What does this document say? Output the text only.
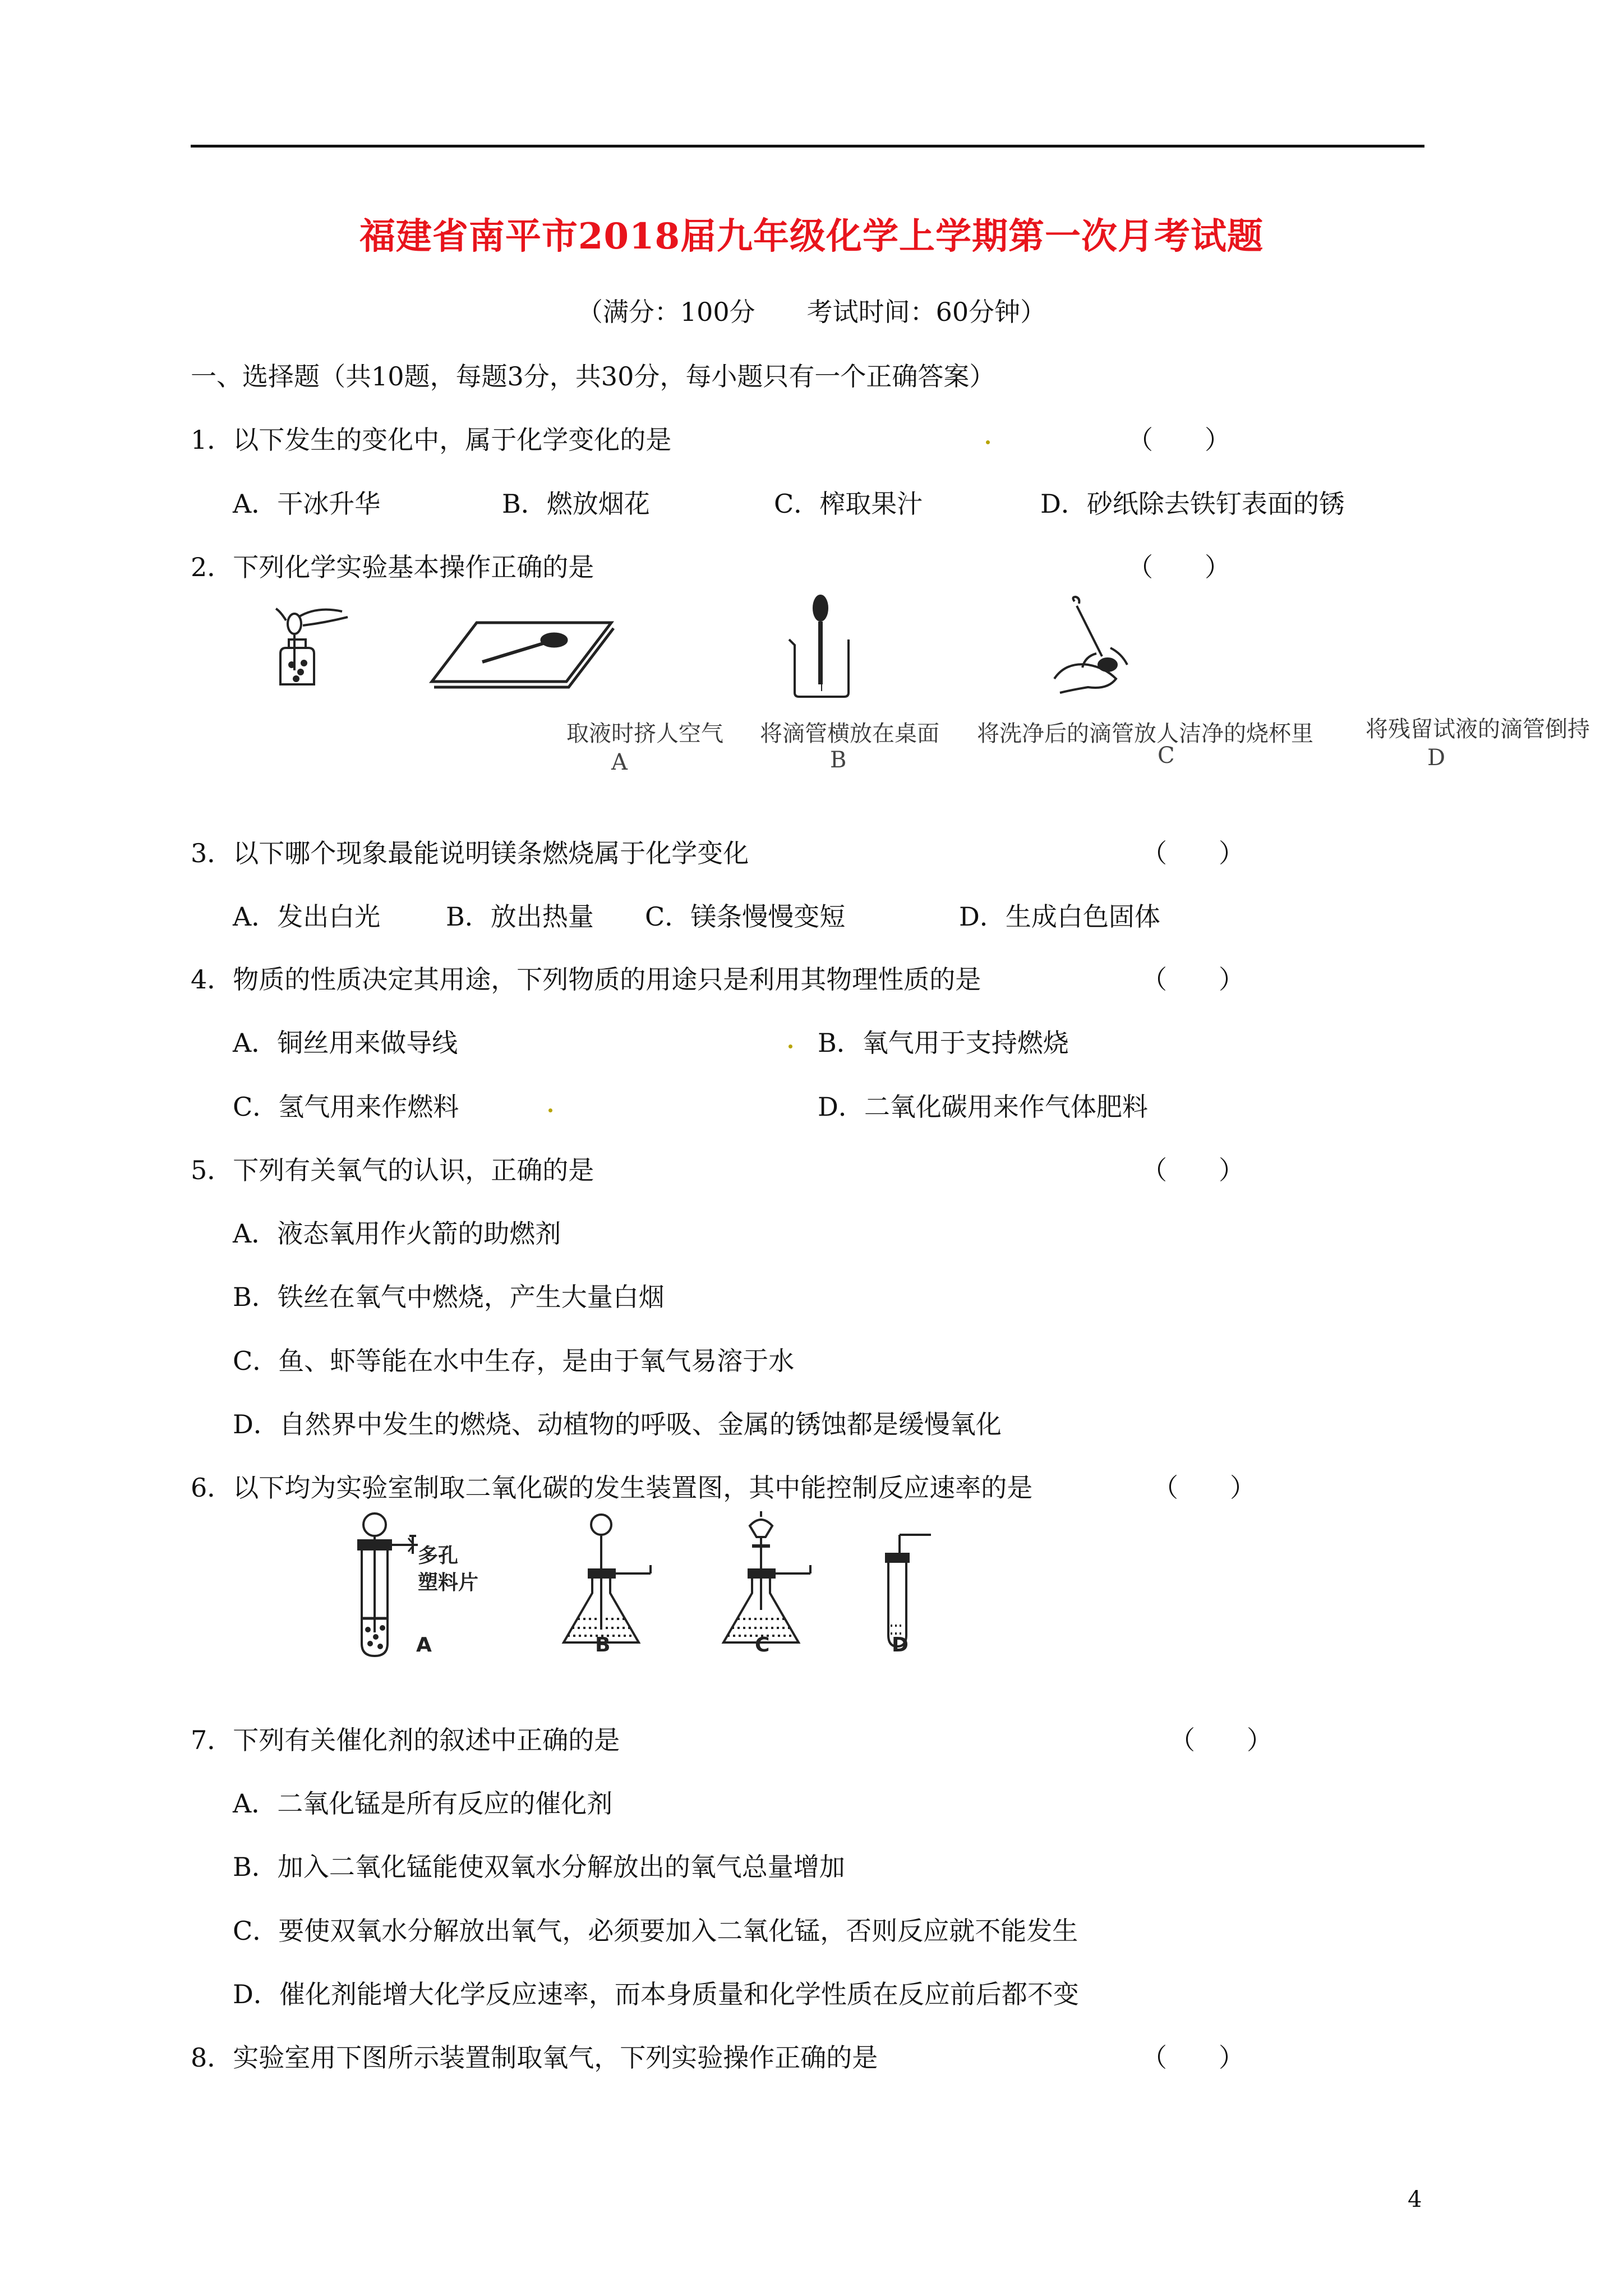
福建省南平市2018届九年级化学上学期第一次月考试题
（满分：100分　　考试时间：60分钟）
一、选择题（共10题，每题3分，共30分，每小题只有一个正确答案）
1．以下发生的变化中，属于化学变化的是	（　　）
A．干冰升华	B．燃放烟花	C．榨取果汁	D．砂纸除去铁钉表面的锈
2．下列化学实验基本操作正确的是	（　　）
取液时挤人空气 将滴管横放在桌面 将洗净后的滴管放人洁净的烧杯里 将残留试液的滴管倒持
A	B	C	D
3．以下哪个现象最能说明镁条燃烧属于化学变化	（　　）
A．发出白光	B．放出热量 C．镁条慢慢变短	D．生成白色固体
4．物质的性质决定其用途，下列物质的用途只是利用其物理性质的是	（　　）
A．铜丝用来做导线	B．氧气用于支持燃烧
C．氢气用来作燃料	D．二氧化碳用来作气体肥料
5．下列有关氧气的认识，正确的是	（　　）
A．液态氧用作火箭的助燃剂
B．铁丝在氧气中燃烧，产生大量白烟
C．鱼、虾等能在水中生存，是由于氧气易溶于水
D．自然界中发生的燃烧、动植物的呼吸、金属的锈蚀都是缓慢氧化
6．以下均为实验室制取二氧化碳的发生装置图，其中能控制反应速率的是	（　　）
多孔
塑料片
A	B	C	D
7．下列有关催化剂的叙述中正确的是	（　　）
A．二氧化锰是所有反应的催化剂
B．加入二氧化锰能使双氧水分解放出的氧气总量增加
C．要使双氧水分解放出氧气，必须要加入二氧化锰，否则反应就不能发生
D．催化剂能增大化学反应速率，而本身质量和化学性质在反应前后都不变
8．实验室用下图所示装置制取氧气，下列实验操作正确的是	（　　）
4
